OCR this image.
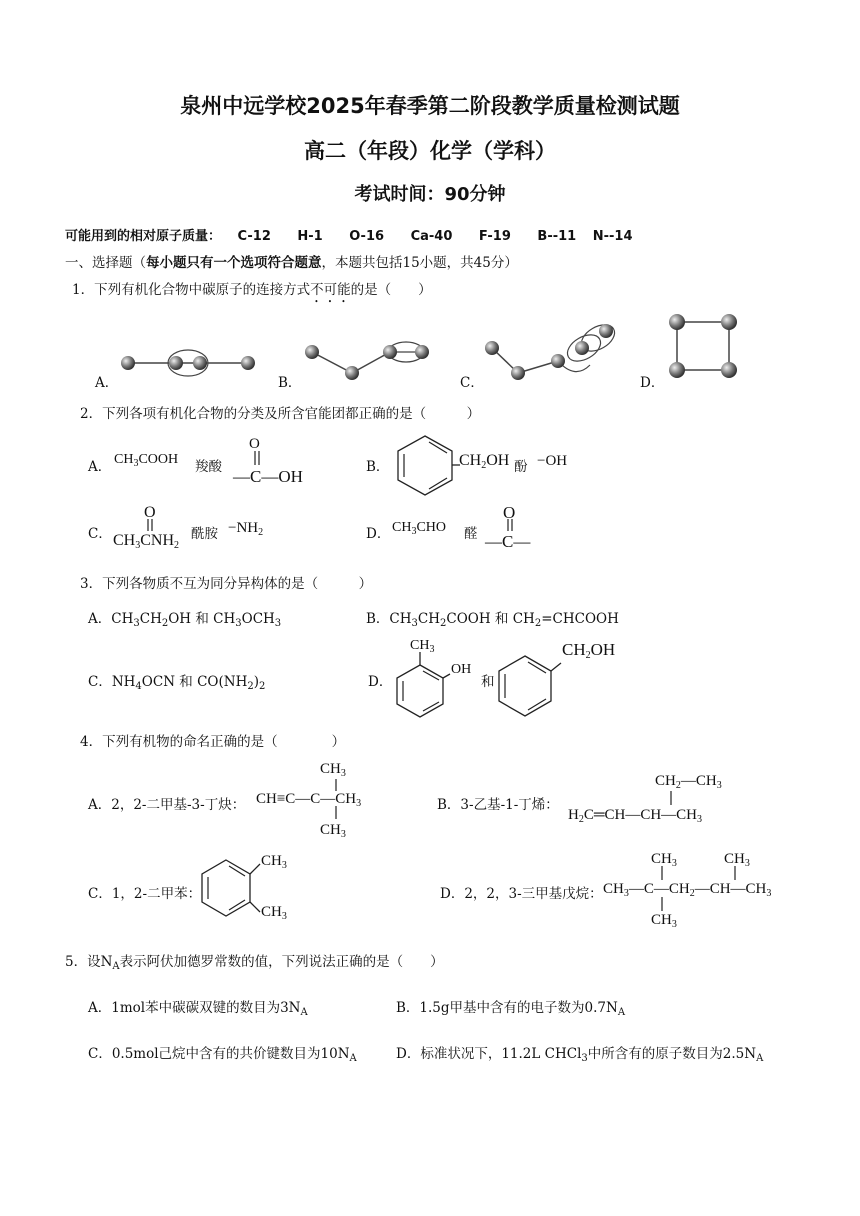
泉州中远学校2025年春季第二阶段教学质量检测试题
高二（年段）化学（学科）
考试时间：90分钟
可能用到的相对原子质量： C-12 H-1 O-16 Ca-40 F-19 B--11 N--14
一、选择题（每小题只有一个选项符合题意，本题共包括15小题，共45分）
1．下列有机化合物中碳原子的连接方式不可能的是（　　）
A．	B．	C．	D．
2．下列各项有机化合物的分类及所含官能团都正确的是（　　　）
A． $CH_3COOH$ 羧酸
O
—C—OH	B．	$CH_2OH$ 酚 −OH
C．
O
$CH_3CNH_2$
酰胺 $-NH_2$	D． $CH_3CHO$ 醛
O
—C—
3．下列各物质不互为同分异构体的是（　　　）
A．$CH_3CH_2OH$ 和 $CH_3OCH_3$	B．$CH_3CH_2COOH$ 和 $CH_2=CHCOOH$
C．$NH_4OCN$ 和 $CO(NH_2)_2$	D．
$CH_3$
OH
和
$CH_2OH$
4．下列有机物的命名正确的是（　　　　）
A．2，2-二甲基-3-丁炔：
$CH_3$
$CH\equiv C—C—CH_3$
$CH_3$
B．3-乙基-1-丁烯：
$CH_2—CH_3$
$H_2C═CH—CH—CH_3$
C．1，2-二甲苯：
$CH_3$
$CH_3$
D．2，2，3-三甲基戊烷：
$CH_3$	$CH_3$
$CH_3—C—CH_2—CH—CH_3$
$CH_3$
5．设$N_A$表示阿伏加德罗常数的值，下列说法正确的是（　　）
A．1mol苯中碳碳双键的数目为$3N_A$	B．1.5g甲基中含有的电子数为$0.7N_A$
C．0.5mol己烷中含有的共价键数目为$10N_A$	D．标准状况下，11.2L CHCl$_3$中所含有的原子数目为$2.5N_A$
